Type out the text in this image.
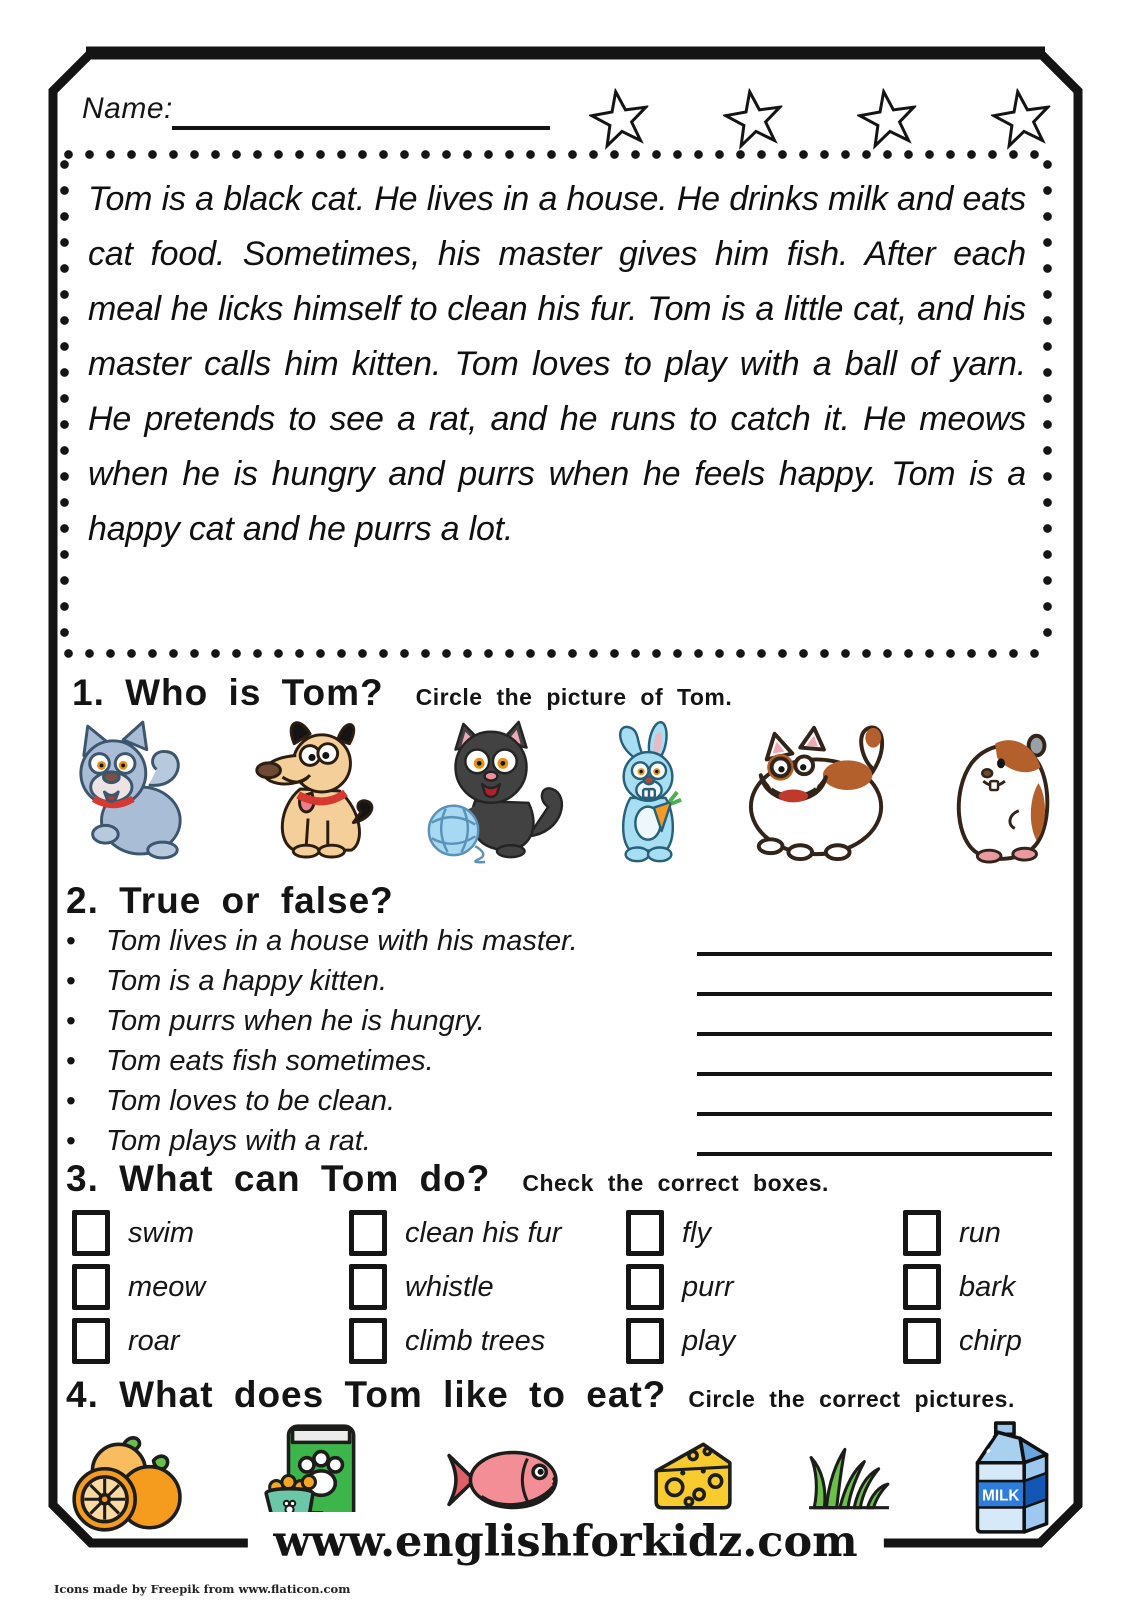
Name:
Tom is a black cat. He lives in a house. He drinks milk and eats cat food. Sometimes, his master gives him fish. After each meal he licks himself to clean his fur. Tom is a little cat, and his master calls him kitten. Tom loves to play with a ball of yarn. He pretends to see a rat, and he runs to catch it. He meows when he is hungry and purrs when he feels happy. Tom is a happy cat and he purrs a lot.
1. Who is Tom? Circle the picture of Tom.
2. True or false?
•	Tom lives in a house with his master.
•	Tom is a happy kitten.
•	Tom purrs when he is hungry.
•	Tom eats fish sometimes.
•	Tom loves to be clean.
•	Tom plays with a rat.
3. What can Tom do? Check the correct boxes.
swim	clean his fur	fly	run
meow	whistle	purr	bark
roar	climb trees	play	chirp
4. What does Tom like to eat? Circle the correct pictures.
MILK
www.englishforkidz.com
Icons made by Freepik from www.flaticon.com
